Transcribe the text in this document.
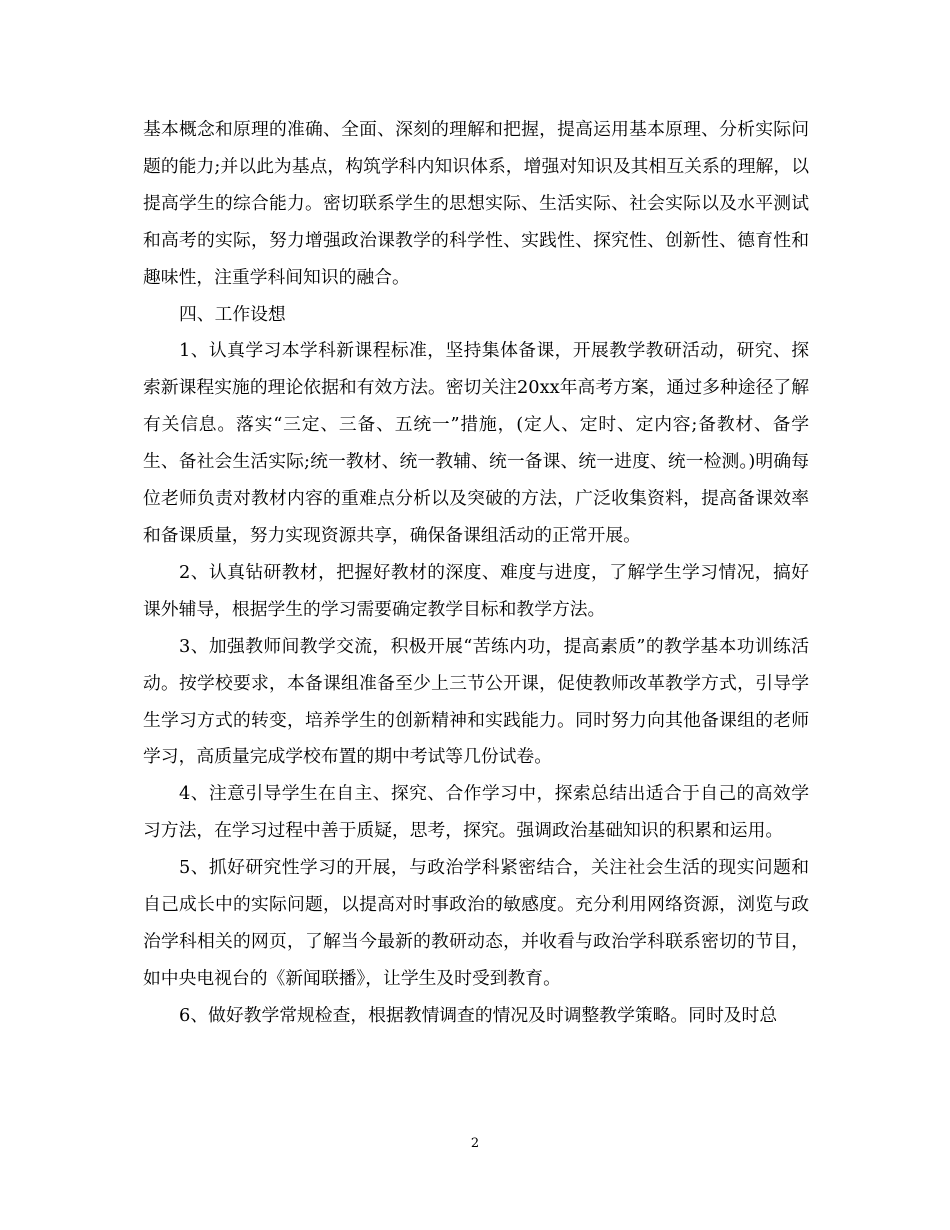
基本概念和原理的准确、全面、深刻的理解和把握，提高运用基本原理、分析实际问题的能力;并以此为基点，构筑学科内知识体系，增强对知识及其相互关系的理解，以提高学生的综合能力。密切联系学生的思想实际、生活实际、社会实际以及水平测试和高考的实际，努力增强政治课教学的科学性、实践性、探究性、创新性、德育性和趣味性，注重学科间知识的融合。

四、工作设想

1、认真学习本学科新课程标准，坚持集体备课，开展教学教研活动，研究、探索新课程实施的理论依据和有效方法。密切关注20xx年高考方案，通过多种途径了解有关信息。落实“三定、三备、五统一”措施，(定人、定时、定内容;备教材、备学生、备社会生活实际;统一教材、统一教辅、统一备课、统一进度、统一检测。)明确每位老师负责对教材内容的重难点分析以及突破的方法，广泛收集资料，提高备课效率和备课质量，努力实现资源共享，确保备课组活动的正常开展。

2、认真钻研教材，把握好教材的深度、难度与进度，了解学生学习情况，搞好课外辅导，根据学生的学习需要确定教学目标和教学方法。

3、加强教师间教学交流，积极开展“苦练内功，提高素质”的教学基本功训练活动。按学校要求，本备课组准备至少上三节公开课，促使教师改革教学方式，引导学生学习方式的转变，培养学生的创新精神和实践能力。同时努力向其他备课组的老师学习，高质量完成学校布置的期中考试等几份试卷。

4、注意引导学生在自主、探究、合作学习中，探索总结出适合于自己的高效学习方法，在学习过程中善于质疑，思考，探究。强调政治基础知识的积累和运用。

5、抓好研究性学习的开展，与政治学科紧密结合，关注社会生活的现实问题和自己成长中的实际问题，以提高对时事政治的敏感度。充分利用网络资源，浏览与政治学科相关的网页，了解当今最新的教研动态，并收看与政治学科联系密切的节目，如中央电视台的《新闻联播》，让学生及时受到教育。

6、做好教学常规检查，根据教情调查的情况及时调整教学策略。同时及时总

2
